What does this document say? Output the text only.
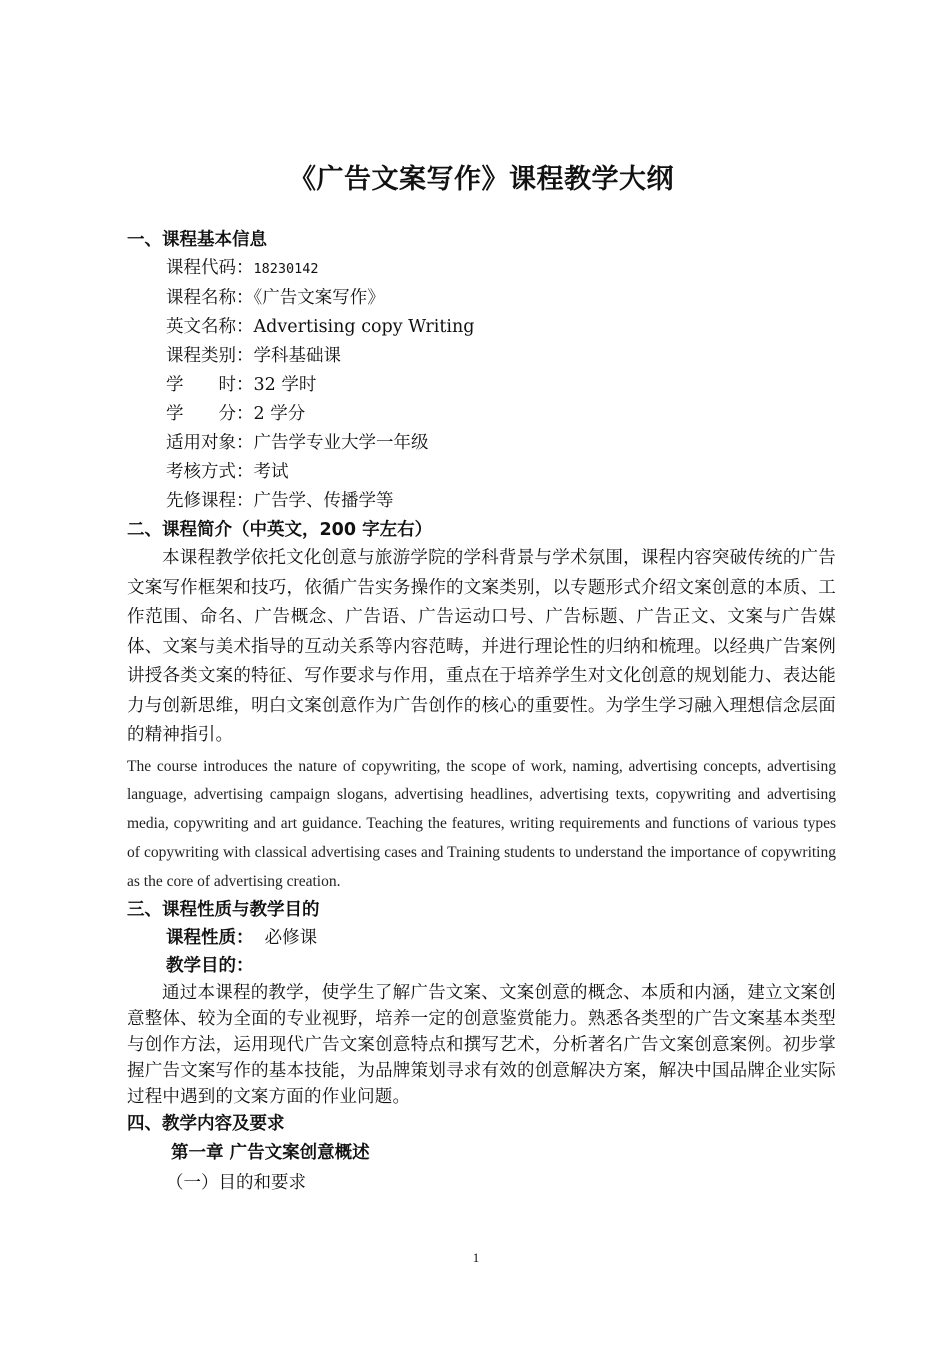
《广告文案写作》课程教学大纲

一、课程基本信息

课程代码：18230142
课程名称：《广告文案写作》
英文名称：Advertising copy Writing
课程类别：学科基础课
学　　时：32 学时
学　　分：2 学分
适用对象：广告学专业大学一年级
考核方式：考试
先修课程：广告学、传播学等

二、课程简介（中英文，200 字左右）

本课程教学依托文化创意与旅游学院的学科背景与学术氛围，课程内容突破传统的广告文案写作框架和技巧，依循广告实务操作的文案类别，以专题形式介绍文案创意的本质、工作范围、命名、广告概念、广告语、广告运动口号、广告标题、广告正文、文案与广告媒体、文案与美术指导的互动关系等内容范畴，并进行理论性的归纳和梳理。以经典广告案例讲授各类文案的特征、写作要求与作用，重点在于培养学生对文化创意的规划能力、表达能力与创新思维，明白文案创意作为广告创作的核心的重要性。为学生学习融入理想信念层面的精神指引。

The course introduces the nature of copywriting, the scope of work, naming, advertising concepts, advertising language, advertising campaign slogans, advertising headlines, advertising texts, copywriting and advertising media, copywriting and art guidance. Teaching the features, writing requirements and functions of various types of copywriting with classical advertising cases and Training students to understand the importance of copywriting as the core of advertising creation.

三、课程性质与教学目的

课程性质： 必修课

教学目的：

通过本课程的教学，使学生了解广告文案、文案创意的概念、本质和内涵，建立文案创意整体、较为全面的专业视野，培养一定的创意鉴赏能力。熟悉各类型的广告文案基本类型与创作方法，运用现代广告文案创意特点和撰写艺术，分析著名广告文案创意案例。初步掌握广告文案写作的基本技能，为品牌策划寻求有效的创意解决方案，解决中国品牌企业实际过程中遇到的文案方面的作业问题。

四、教学内容及要求

第一章 广告文案创意概述

（一）目的和要求

1
